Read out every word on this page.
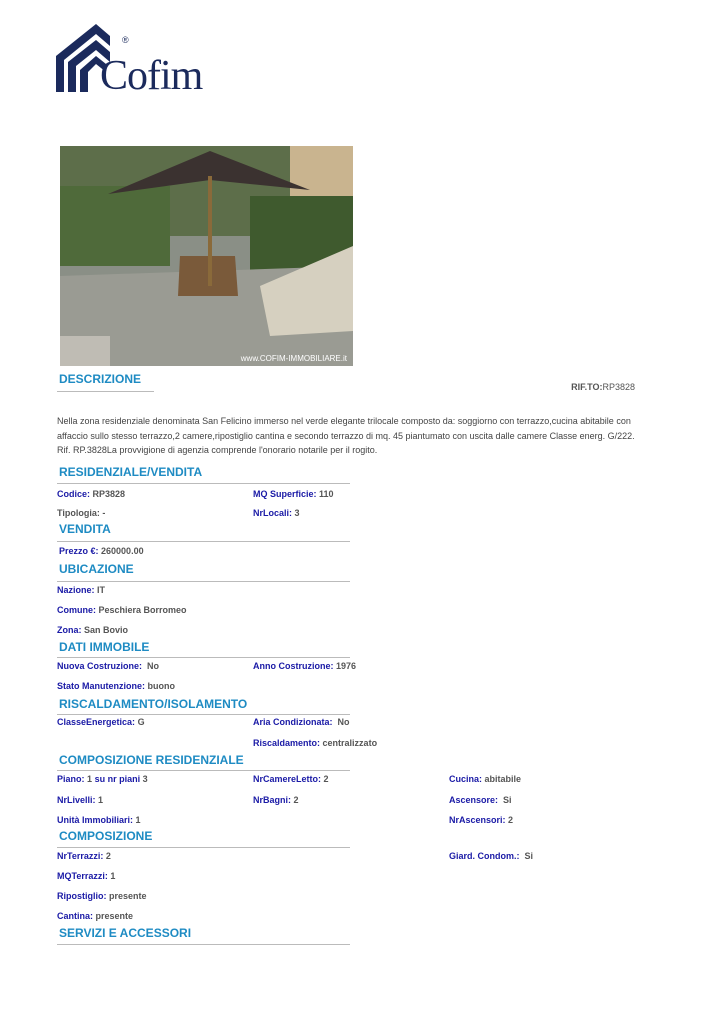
Cofim
®
www.COFIM-IMMOBILIARE.it
DESCRIZIONE
RIF.TO:RP3828
Nella zona residenziale denominata San Felicino immerso nel verde elegante trilocale composto da: soggiorno con terrazzo,cucina abitabile con
affaccio sullo stesso terrazzo,2 camere,ripostiglio cantina e secondo terrazzo di mq. 45 piantumato con uscita dalle camere Classe energ. G/222.
Rif. RP.3828La provvigione di agenzia comprende l'onorario notarile per il rogito.
RESIDENZIALE/VENDITA
Codice: RP3828	MQ Superficie: 110
Tipologia: -	NrLocali: 3
VENDITA
Prezzo €: 260000.00
UBICAZIONE
Nazione: IT
Comune: Peschiera Borromeo
Zona: San Bovio
DATI IMMOBILE
Nuova Costruzione: No	Anno Costruzione: 1976
Stato Manutenzione: buono
RISCALDAMENTO/ISOLAMENTO
ClasseEnergetica: G	Aria Condizionata: No
Riscaldamento: centralizzato
COMPOSIZIONE RESIDENZIALE
Piano: 1 su nr piani 3	NrCamereLetto: 2	Cucina: abitabile
NrLivelli: 1	NrBagni: 2	Ascensore: Si
Unità Immobiliari: 1	NrAscensori: 2
COMPOSIZIONE
NrTerrazzi: 2	Giard. Condom.: Si
MQTerrazzi: 1
Ripostiglio: presente
Cantina: presente
SERVIZI E ACCESSORI
